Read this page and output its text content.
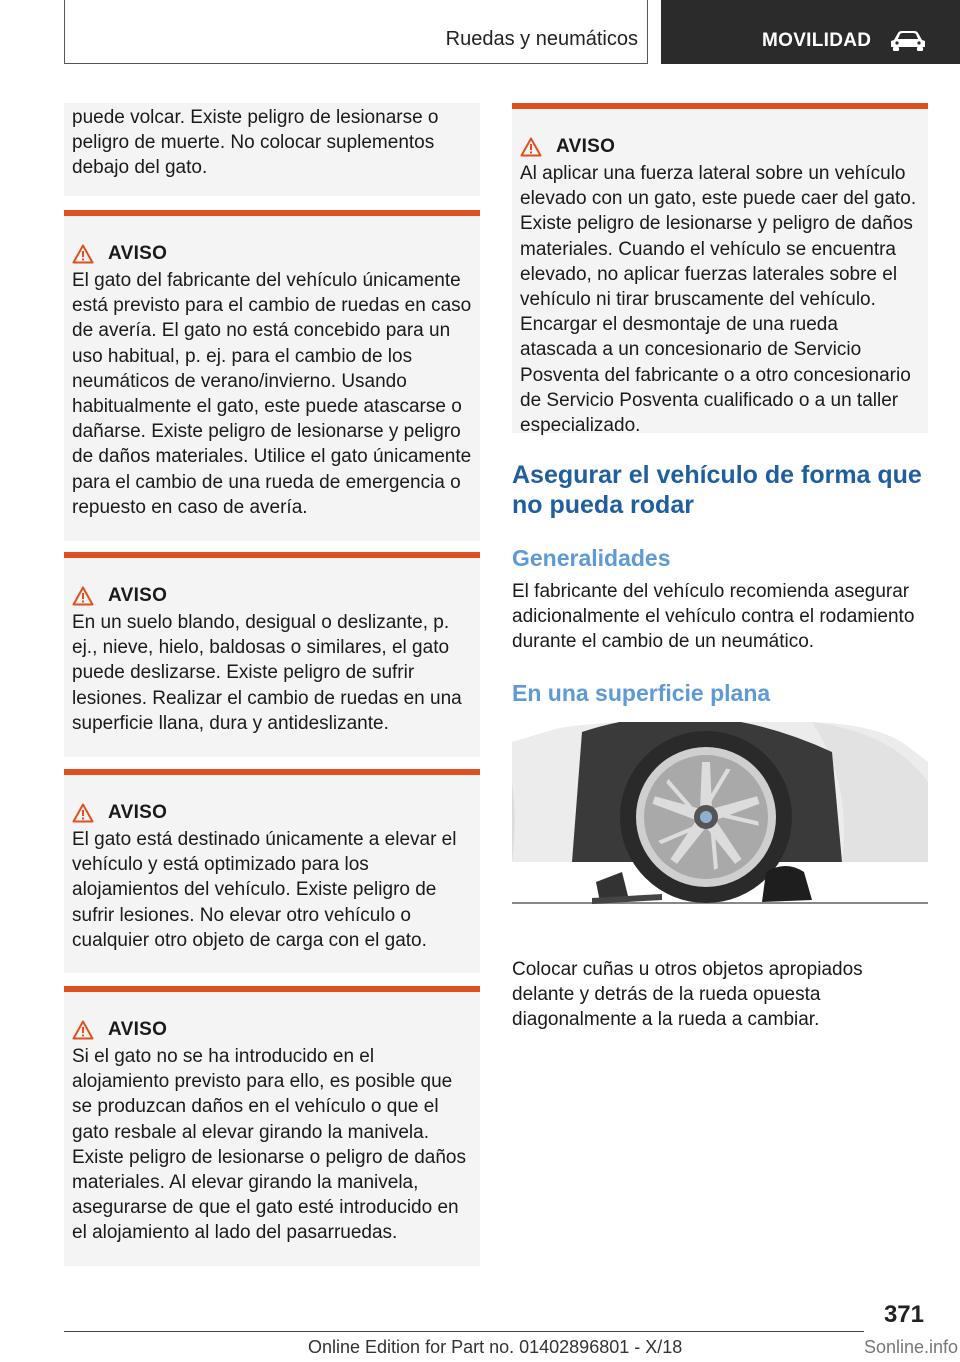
Ruedas y neumáticos	MOVILIDAD
puede volcar. Existe peligro de lesionarse o peligro de muerte. No colocar suplementos debajo del gato.
AVISO
El gato del fabricante del vehículo únicamente está previsto para el cambio de ruedas en caso de avería. El gato no está concebido para un uso habitual, p. ej. para el cambio de los neumáticos de verano/invierno. Usando habitualmente el gato, este puede atascarse o dañarse. Existe peligro de lesionarse y peligro de daños materiales. Utilice el gato únicamente para el cambio de una rueda de emergencia o repuesto en caso de avería.
AVISO
En un suelo blando, desigual o deslizante, p. ej., nieve, hielo, baldosas o similares, el gato puede deslizarse. Existe peligro de sufrir lesiones. Realizar el cambio de ruedas en una superficie llana, dura y antideslizante.
AVISO
El gato está destinado únicamente a elevar el vehículo y está optimizado para los alojamientos del vehículo. Existe peligro de sufrir lesiones. No elevar otro vehículo o cualquier otro objeto de carga con el gato.
AVISO
Si el gato no se ha introducido en el alojamiento previsto para ello, es posible que se produzcan daños en el vehículo o que el gato resbale al elevar girando la manivela. Existe peligro de lesionarse o peligro de daños materiales. Al elevar girando la manivela, asegurarse de que el gato esté introducido en el alojamiento al lado del pasarruedas.
AVISO
Al aplicar una fuerza lateral sobre un vehículo elevado con un gato, este puede caer del gato. Existe peligro de lesionarse y peligro de daños materiales. Cuando el vehículo se encuentra elevado, no aplicar fuerzas laterales sobre el vehículo ni tirar bruscamente del vehículo. Encargar el desmontaje de una rueda atascada a un concesionario de Servicio Posventa del fabricante o a otro concesionario de Servicio Posventa cualificado o a un taller especializado.
Asegurar el vehículo de forma que no pueda rodar
Generalidades
El fabricante del vehículo recomienda asegurar adicionalmente el vehículo contra el rodamiento durante el cambio de un neumático.
En una superficie plana
Colocar cuñas u otros objetos apropiados delante y detrás de la rueda opuesta diagonalmente a la rueda a cambiar.
371
Online Edition for Part no. 01402896801 - X/18	Sonline.info
